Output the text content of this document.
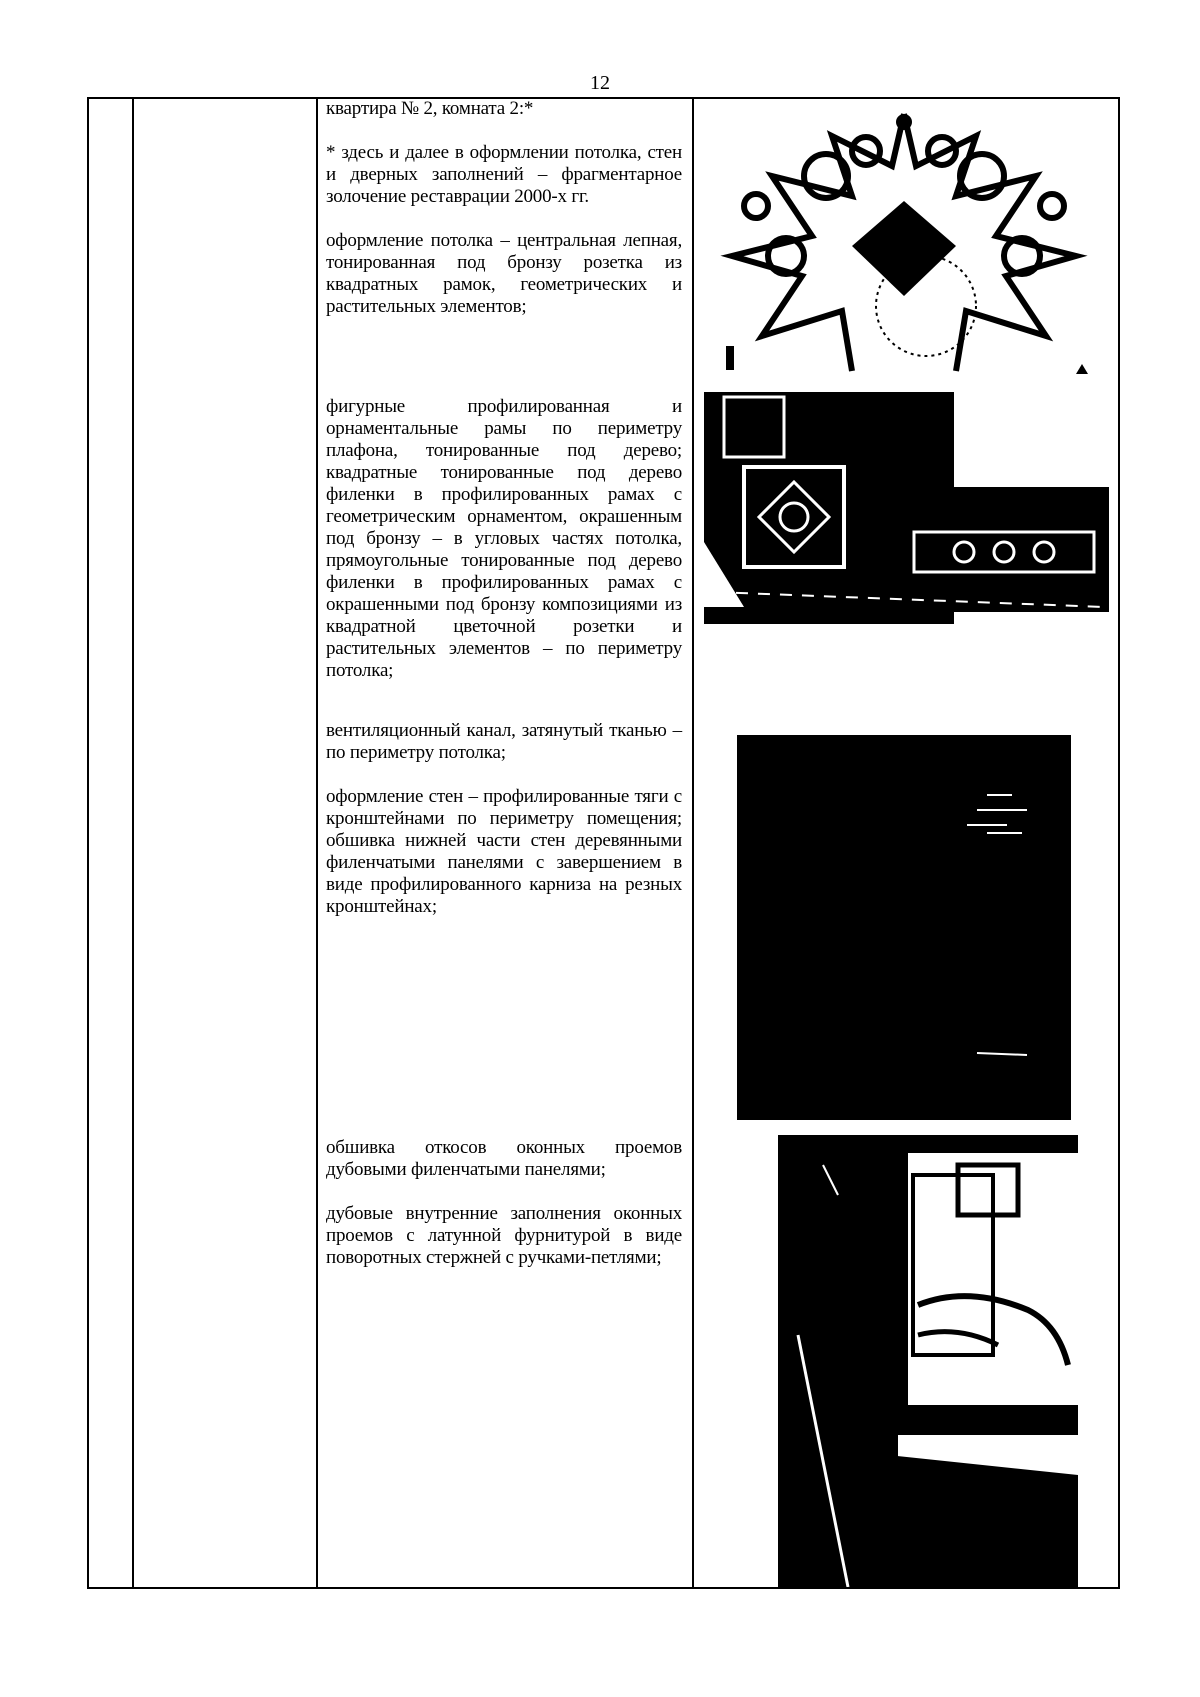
12

квартира № 2, комната 2:*

* здесь и далее в оформлении потолка, стен и дверных заполнений – фрагментарное золочение реставрации 2000-х гг.

оформление потолка – центральная лепная, тонированная под бронзу розетка из квадратных рамок, геометрических и растительных элементов;

фигурные профилированная и орнаментальные рамы по периметру плафона, тонированные под дерево; квадратные тонированные под дерево филенки в профилированных рамах с геометрическим орнаментом, окрашенным под бронзу – в угловых частях потолка, прямоугольные тонированные под дерево филенки в профилированных рамах с окрашенными под бронзу композициями из квадратной цветочной розетки и растительных элементов – по периметру потолка;

вентиляционный канал, затянутый тканью – по периметру потолка;

оформление стен – профилированные тяги с кронштейнами по периметру помещения; обшивка нижней части стен деревянными филенчатыми панелями с завершением в виде профилированного карниза на резных кронштейнах;

обшивка откосов оконных проемов дубовыми филенчатыми панелями;

дубовые внутренние заполнения оконных проемов с латунной фурнитурой в виде поворотных стержней с ручками-петлями;
